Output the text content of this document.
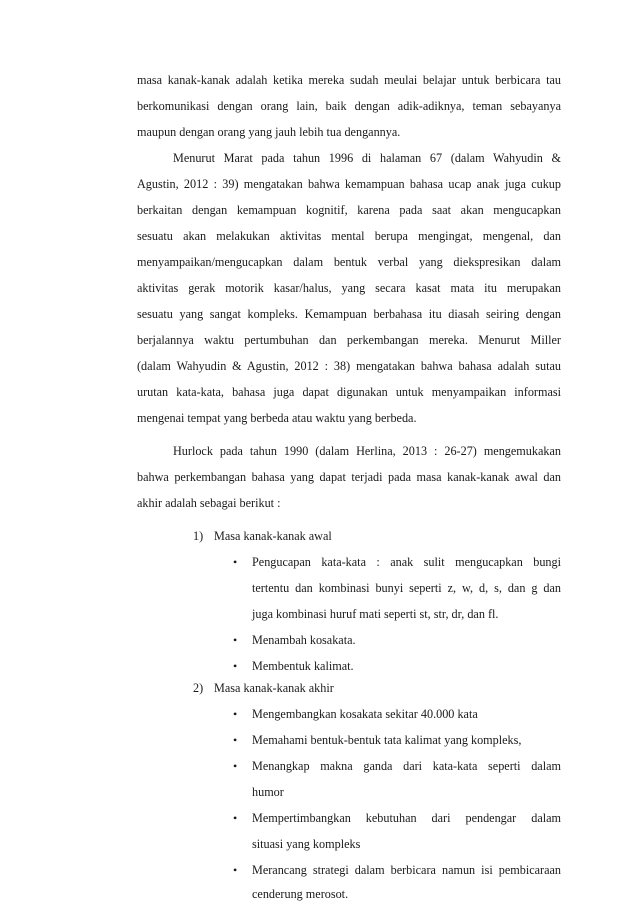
masa kanak-kanak adalah ketika mereka sudah meulai belajar untuk berbicara tau

berkomunikasi dengan orang lain, baik dengan adik-adiknya, teman sebayanya

maupun dengan orang yang jauh lebih tua dengannya.

Menurut Marat pada tahun 1996 di halaman 67 (dalam Wahyudin &

Agustin, 2012 : 39) mengatakan bahwa kemampuan bahasa ucap anak juga cukup

berkaitan dengan kemampuan kognitif, karena pada saat akan mengucapkan

sesuatu akan melakukan aktivitas mental berupa mengingat, mengenal, dan

menyampaikan/mengucapkan dalam bentuk verbal yang diekspresikan dalam

aktivitas gerak motorik kasar/halus, yang secara kasat mata itu merupakan

sesuatu yang sangat kompleks. Kemampuan berbahasa itu diasah seiring dengan

berjalannya waktu pertumbuhan dan perkembangan mereka. Menurut Miller

(dalam Wahyudin & Agustin, 2012 : 38) mengatakan bahwa bahasa adalah sutau

urutan kata-kata, bahasa juga dapat digunakan untuk menyampaikan informasi

mengenai tempat yang berbeda atau waktu yang berbeda.

Hurlock pada tahun 1990 (dalam Herlina, 2013 : 26-27) mengemukakan

bahwa perkembangan bahasa yang dapat terjadi pada masa kanak-kanak awal dan

akhir adalah sebagai berikut :

1) Masa kanak-kanak awal
• Pengucapan kata-kata : anak sulit mengucapkan bungi

tertentu dan kombinasi bunyi seperti z, w, d, s, dan g dan

juga kombinasi huruf mati seperti st, str, dr, dan fl.

• Menambah kosakata.

• Membentuk kalimat.

2) Masa kanak-kanak akhir
• Mengembangkan kosakata sekitar 40.000 kata

• Memahami bentuk-bentuk tata kalimat yang kompleks,

• Menangkap makna ganda dari kata-kata seperti dalam

humor

• Mempertimbangkan kebutuhan dari pendengar dalam

situasi yang kompleks

• Merancang strategi dalam berbicara namun isi pembicaraan

cenderung merosot.
